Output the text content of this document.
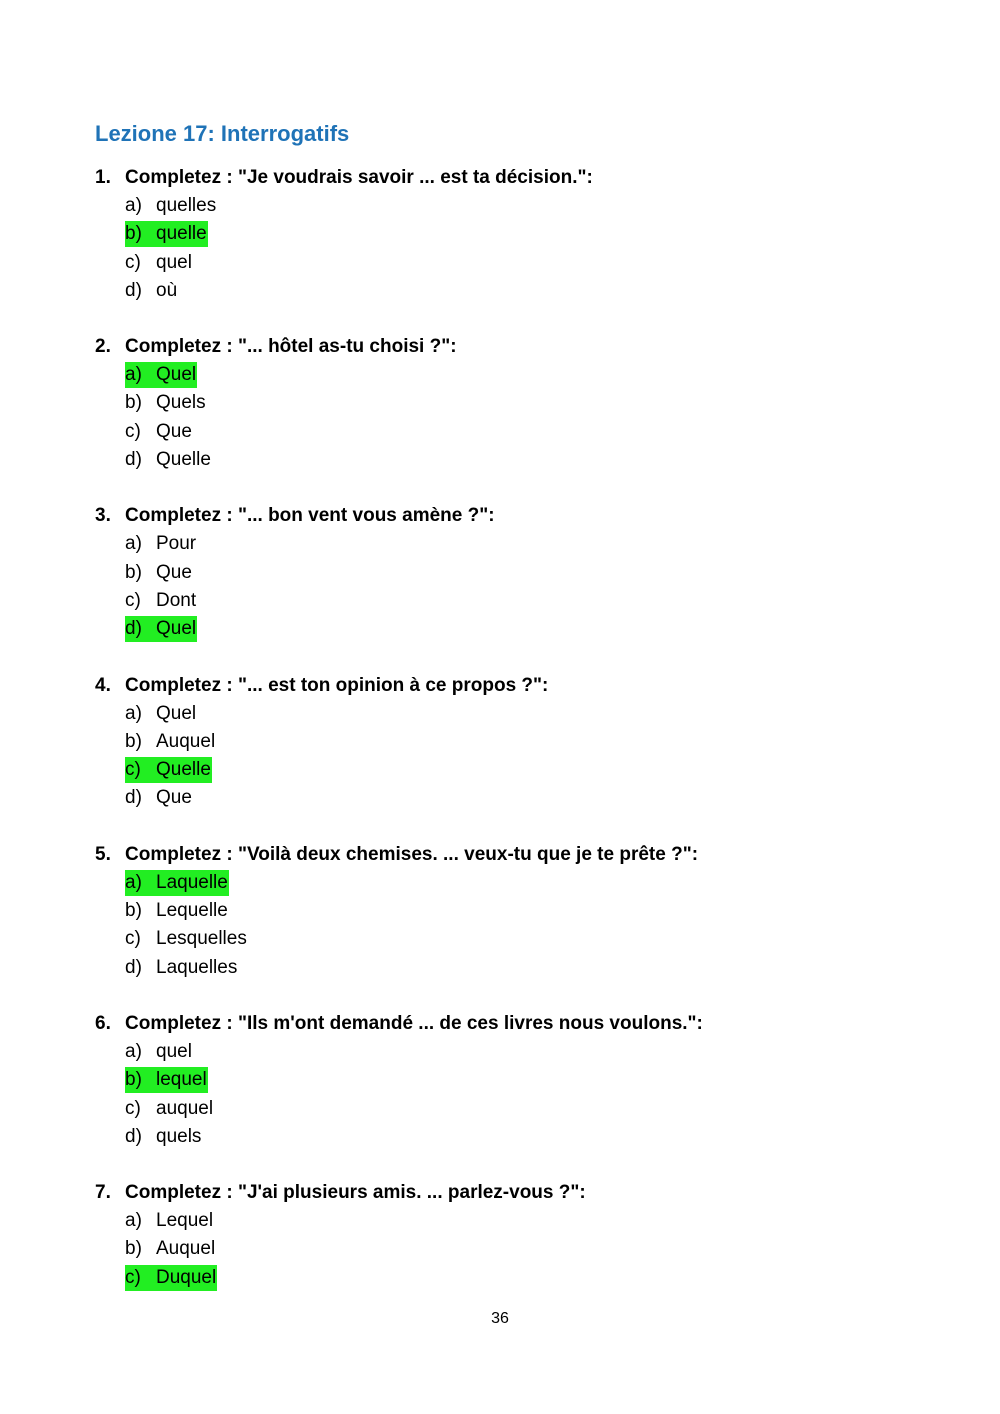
Lezione 17: Interrogatifs
1. Completez : "Je voudrais savoir ... est ta décision.":
a) quelles
b) quelle
c) quel
d) où
2. Completez : "... hôtel as-tu choisi ?":
a) Quel
b) Quels
c) Que
d) Quelle
3. Completez : "... bon vent vous amène ?":
a) Pour
b) Que
c) Dont
d) Quel
4. Completez : "... est ton opinion à ce propos ?":
a) Quel
b) Auquel
c) Quelle
d) Que
5. Completez : "Voilà deux chemises. ... veux-tu que je te prête ?":
a) Laquelle
b) Lequelle
c) Lesquelles
d) Laquelles
6. Completez : "Ils m'ont demandé ... de ces livres nous voulons.":
a) quel
b) lequel
c) auquel
d) quels
7. Completez : "J'ai plusieurs amis. ... parlez-vous ?":
a) Lequel
b) Auquel
c) Duquel
36
